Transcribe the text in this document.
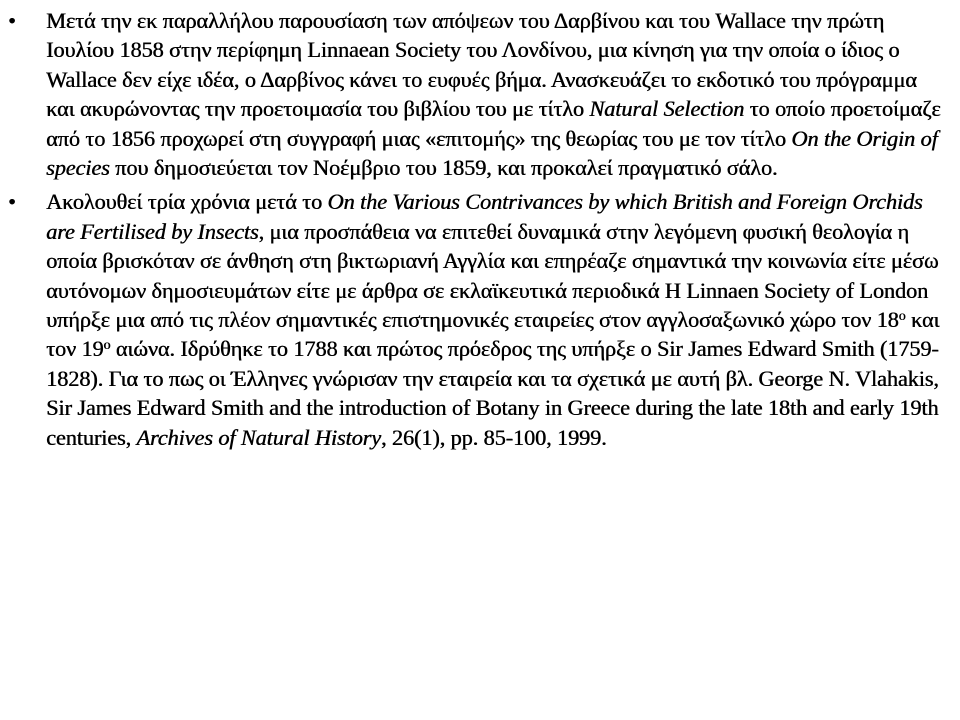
• Μετά την εκ παραλλήλου παρουσίαση των απόψεων του Δαρβίνου και του Wallace την πρώτη Ιουλίου 1858 στην περίφημη Linnaean Society του Λονδίνου, μια κίνηση για την οποία ο ίδιος ο Wallace δεν είχε ιδέα, ο Δαρβίνος κάνει το ευφυές βήμα. Ανασκευάζει το εκδοτικό του πρόγραμμα και ακυρώνοντας την προετοιμασία του βιβλίου του με τίτλο Natural Selection το οποίο προετοίμαζε από το 1856 προχωρεί στη συγγραφή μιας «επιτομής» της θεωρίας του με τον τίτλο On the Origin of species που δημοσιεύεται τον Νοέμβριο του 1859, και προκαλεί πραγματικό σάλο.
• Ακολουθεί τρία χρόνια μετά το On the Various Contrivances by which British and Foreign Orchids are Fertilised by Insects, μια προσπάθεια να επιτεθεί δυναμικά στην λεγόμενη φυσική θεολογία η οποία βρισκόταν σε άνθηση στη βικτωριανή Αγγλία και επηρέαζε σημαντικά την κοινωνία είτε μέσω αυτόνομων δημοσιευμάτων είτε με άρθρα σε εκλαϊκευτικά περιοδικά Η Linnaen Society of London υπήρξε μια από τις πλέον σημαντικές επιστημονικές εταιρείες στον αγγλοσαξωνικό χώρο τον $18^o$ και τον $19^o$ αιώνα. Ιδρύθηκε το 1788 και πρώτος πρόεδρος της υπήρξε ο Sir James Edward Smith (1759-1828). Για το πως οι Έλληνες γνώρισαν την εταιρεία και τα σχετικά με αυτή βλ. George N. Vlahakis, Sir James Edward Smith and the introduction of Botany in Greece during the late 18th and early 19th centuries, Archives of Natural History, 26(1), pp. 85-100, 1999.
